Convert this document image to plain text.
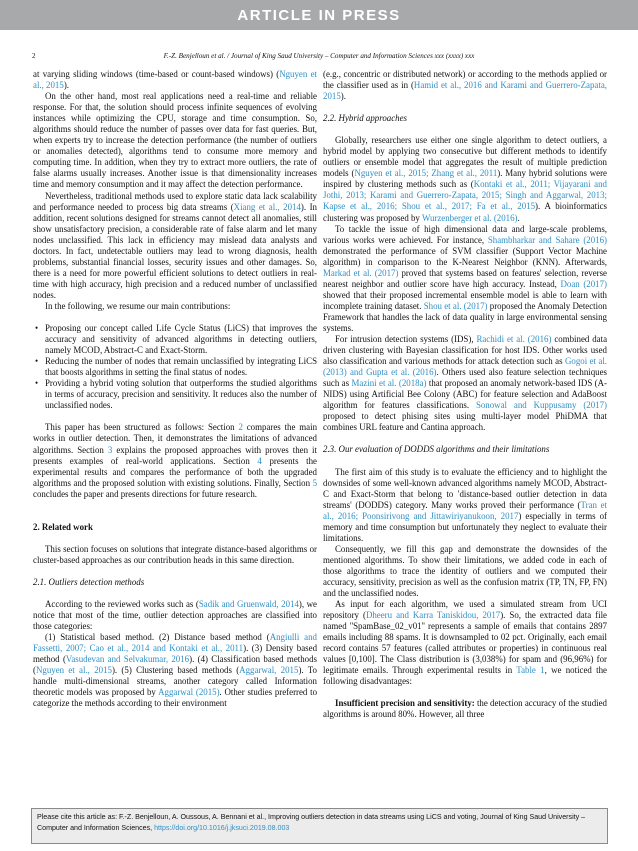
ARTICLE IN PRESS
2	F.-Z. Benjelloun et al. / Journal of King Saud University – Computer and Information Sciences xxx (xxxx) xxx

at varying sliding windows (time-based or count-based windows) (Nguyen et al., 2015).

On the other hand, most real applications need a real-time and reliable response. For that, the solution should process infinite sequences of evolving instances while optimizing the CPU, storage and time consumption. So, algorithms should reduce the number of passes over data for fast queries. But, when experts try to increase the detection performance (the number of outliers or anomalies detected), algorithms tend to consume more memory and computing time. In addition, when they try to extract more outliers, the rate of false alarms usually increases. Another issue is that dimensionality increases time and memory consumption and it may affect the detection performance.

Nevertheless, traditional methods used to explore static data lack scalability and performance needed to process big data streams (Xiang et al., 2014). In addition, recent solutions designed for streams cannot detect all anomalies, still show unsatisfactory precision, a considerable rate of false alarm and let many nodes unclassified. This lack in efficiency may mislead data analysts and doctors. In fact, undetectable outliers may lead to wrong diagnosis, health problems, substantial financial losses, security issues and other damages. So, there is a need for more powerful efficient solutions to detect outliers in real-time with high accuracy, high precision and a reduced number of unclassified nodes.

In the following, we resume our main contributions:

• Proposing our concept called Life Cycle Status (LiCS) that improves the accuracy and sensitivity of advanced algorithms in detecting outliers, namely MCOD, Abstract-C and Exact-Storm.
• Reducing the number of nodes that remain unclassified by integrating LiCS that boosts algorithms in setting the final status of nodes.
• Providing a hybrid voting solution that outperforms the studied algorithms in terms of accuracy, precision and sensitivity. It reduces also the number of unclassified nodes.

This paper has been structured as follows: Section 2 compares the main works in outlier detection. Then, it demonstrates the limitations of advanced algorithms. Section 3 explains the proposed approaches with proves then it presents examples of real-world applications. Section 4 presents the experimental results and compares the performance of both the upgraded algorithms and the proposed solution with existing solutions. Finally, Section 5 concludes the paper and presents directions for future research.

2. Related work

This section focuses on solutions that integrate distance-based algorithms or cluster-based approaches as our contribution heads in this same direction.

2.1. Outliers detection methods

According to the reviewed works such as (Sadik and Gruenwald, 2014), we notice that most of the time, outlier detection approaches are classified into those categories:

(1) Statistical based method. (2) Distance based method (Angiulli and Fassetti, 2007; Cao et al., 2014 and Kontaki et al., 2011). (3) Density based method (Vasudevan and Selvakumar, 2016). (4) Classification based methods (Nguyen et al., 2015). (5) Clustering based methods (Aggarwal, 2015). To handle multi-dimensional streams, another category called Information theoretic models was proposed by Aggarwal (2015). Other studies preferred to categorize the methods according to their environment

(e.g., concentric or distributed network) or according to the methods applied or the classifier used as in (Hamid et al., 2016 and Karami and Guerrero-Zapata, 2015).

2.2. Hybrid approaches

Globally, researchers use either one single algorithm to detect outliers, a hybrid model by applying two consecutive but different methods to identify outliers or ensemble model that aggregates the result of multiple prediction models (Nguyen et al., 2015; Zhang et al., 2011). Many hybrid solutions were inspired by clustering methods such as (Kontaki et al., 2011; Vijayarani and Jothi, 2013; Karami and Guerrero-Zapata, 2015; Singh and Aggarwal, 2013; Kapse et al., 2016; Shou et al., 2017; Fa et al., 2015). A bioinformatics clustering was proposed by Wurzenberger et al. (2016).

To tackle the issue of high dimensional data and large-scale problems, various works were achieved. For instance, Shambharkar and Sahare (2016) demonstrated the performance of SVM classifier (Support Vector Machine algorithm) in comparison to the K-Nearest Neighbor (KNN). Afterwards, Markad et al. (2017) proved that systems based on features' selection, reverse nearest neighbor and outlier score have high accuracy. Instead, Doan (2017) showed that their proposed incremental ensemble model is able to learn with incomplete training dataset. Shou et al. (2017) proposed the Anomaly Detection Framework that handles the lack of data quality in large environmental sensing systems.

For intrusion detection systems (IDS), Rachidi et al. (2016) combined data driven clustering with Bayesian classification for host IDS. Other works used also classification and various methods for attack detection such as Gogoi et al. (2013) and Gupta et al. (2016). Others used also feature selection techniques such as Mazini et al. (2018a) that proposed an anomaly network-based IDS (A-NIDS) using Artificial Bee Colony (ABC) for feature selection and AdaBoost algorithm for features classifications. Sonowal and Kuppusamy (2017) proposed to detect phising sites using multi-layer model PhiDMA that combines URL feature and Cantina approach.

2.3. Our evaluation of DODDS algorithms and their limitations

The first aim of this study is to evaluate the efficiency and to highlight the downsides of some well-known advanced algorithms namely MCOD, Abstract-C and Exact-Storm that belong to 'distance-based outlier detection in data streams' (DODDS) category. Many works proved their performance (Tran et al., 2016; Poonsirivong and Jittawiriyanukoon, 2017) especially in terms of memory and time consumption but unfortunately they neglect to evaluate their limitations.

Consequently, we fill this gap and demonstrate the downsides of the mentioned algorithms. To show their limitations, we added code in each of those algorithms to trace the identity of outliers and we computed their accuracy, sensitivity, precision as well as the confusion matrix (TP, TN, FP, FN) and the unclassified nodes.

As input for each algorithm, we used a simulated stream from UCI repository (Dheeru and Karra Taniskidou, 2017). So, the extracted data file named ''SpamBase_02_v01'' represents a sample of emails that contains 2897 emails including 88 spams. It is downsampled to 02 pct. Originally, each email record contains 57 features (called attributes or properties) in continuous real values [0,100]. The Class distribution is (3,038%) for spam and (96,96%) for legitimate emails. Through experimental results in Table 1, we noticed the following disadvantages:

Insufficient precision and sensitivity: the detection accuracy of the studied algorithms is around 80%. However, all three

Please cite this article as: F.-Z. Benjelloun, A. Oussous, A. Bennani et al., Improving outliers detection in data streams using LiCS and voting, Journal of King Saud University –Computer and Information Sciences, https://doi.org/10.1016/j.jksuci.2019.08.003
